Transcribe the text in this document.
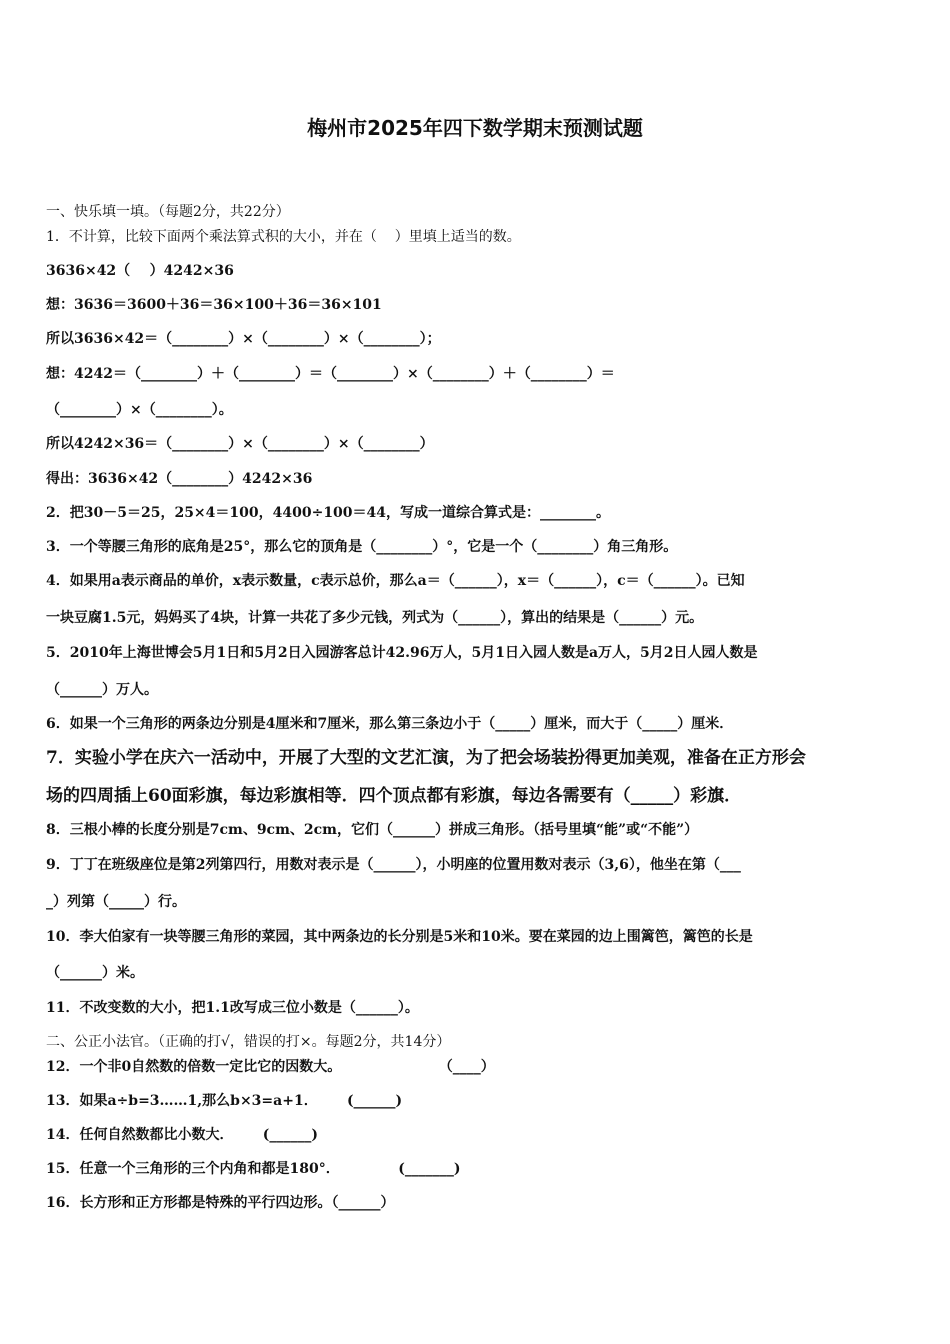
梅州市2025年四下数学期末预测试题
一、快乐填一填。（每题2分，共22分）
1．不计算，比较下面两个乘法算式积的大小，并在（    ）里填上适当的数。
3636×42（    ）4242×36
想：3636＝3600＋36＝36×100＋36＝36×101
所以3636×42＝（________）×（________）×（________）；
想：4242＝（________）＋（________）＝（________）×（________）＋（________）＝
（________）×（________）。
所以4242×36＝（________）×（________）×（________）
得出：3636×42（________）4242×36
2．把30－5＝25，25×4＝100，4400÷100＝44，写成一道综合算式是：________。
3．一个等腰三角形的底角是25°，那么它的顶角是（________）°，它是一个（________）角三角形。
4．如果用a表示商品的单价，x表示数量，c表示总价，那么a＝（______），x＝（______），c＝（______）。已知
一块豆腐1.5元，妈妈买了4块，计算一共花了多少元钱，列式为（______），算出的结果是（______）元。
5．2010年上海世博会5月1日和5月2日入园游客总计42.96万人，5月1日入园人数是a万人，5月2日人园人数是
（______）万人。
6．如果一个三角形的两条边分别是4厘米和7厘米，那么第三条边小于（_____）厘米，而大于（_____）厘米．
7．实验小学在庆六一活动中，开展了大型的文艺汇演，为了把会场装扮得更加美观，准备在正方形会
场的四周插上60面彩旗，每边彩旗相等．四个顶点都有彩旗，每边各需要有（_____）彩旗．
8．三根小棒的长度分别是7cm、9cm、2cm，它们（______）拼成三角形。（括号里填“能”或“不能”）
9．丁丁在班级座位是第2列第四行，用数对表示是（______），小明座的位置用数对表示（3,6），他坐在第（___
_）列第（_____）行。
10．李大伯家有一块等腰三角形的菜园，其中两条边的长分别是5米和10米。要在菜园的边上围篱笆，篱笆的长是
（______）米。
11．不改变数的大小，把1.1改写成三位小数是（______）。
二、公正小法官。（正确的打√，错误的打×。每题2分，共14分）
12．一个非0自然数的倍数一定比它的因数大。                    （____）
13．如果a÷b=3……1,那么b×3=a+1．      (______)
14．任何自然数都比小数大．      (______)
15．任意一个三角形的三个内角和都是180°．            (_______)
16．长方形和正方形都是特殊的平行四边形。（______）
